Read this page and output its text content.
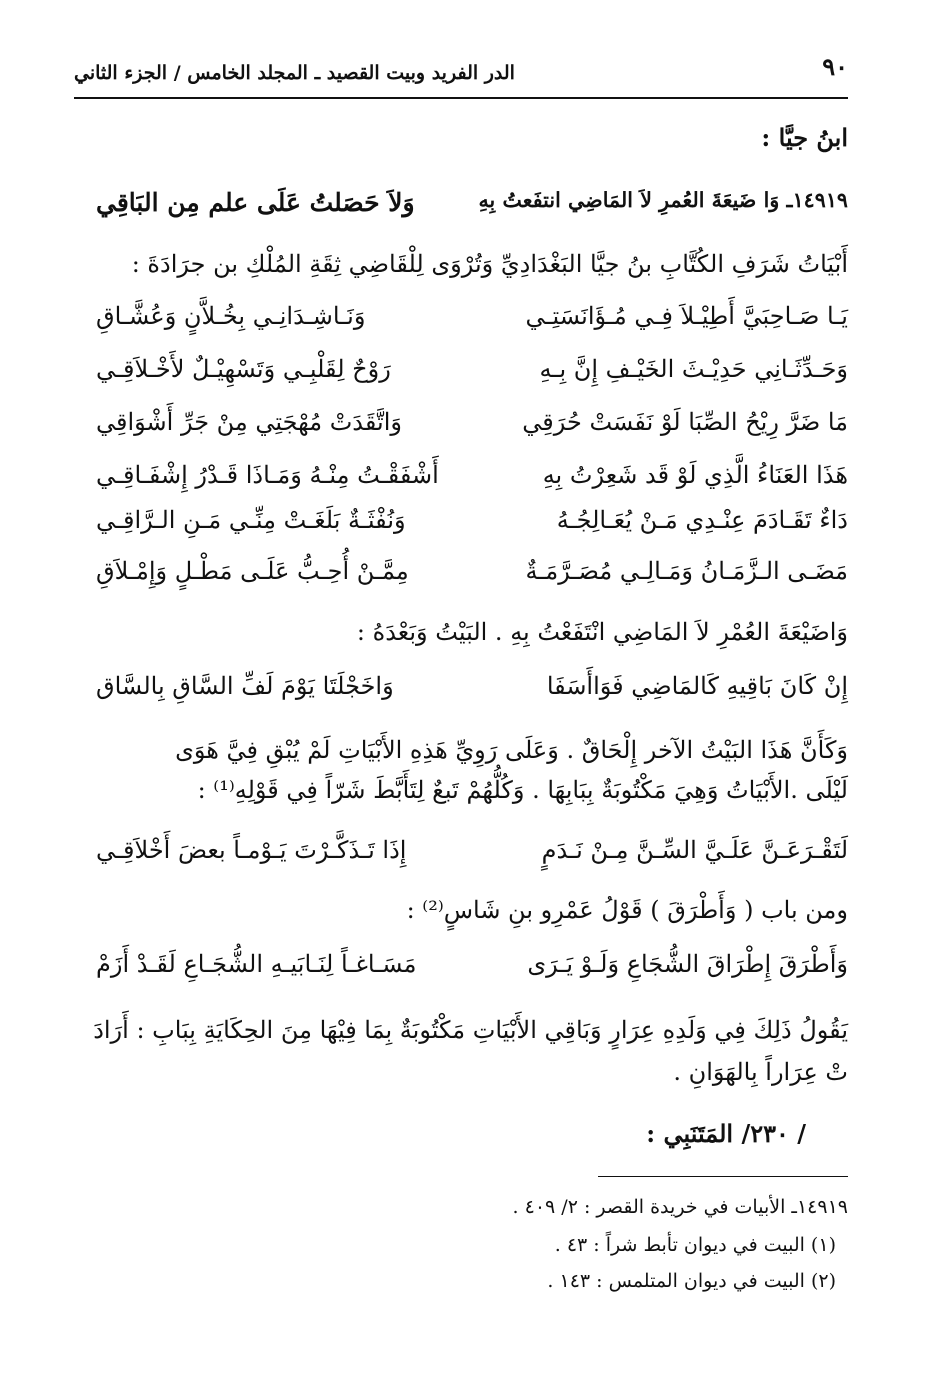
٩٠
الدر الفريد وبيت القصيد ـ المجلد الخامس / الجزء الثاني
ابنُ جيَّا :
١٤٩١٩ـ وَا ضَيعَةَ العُمرِ لاَ المَاضِي انتفَعتُ بِهِ
وَلاَ حَصَلتُ عَلَى علم مِن البَاقِي
أَبْيَاتُ شَرَفِ الكُتَّابِ بنُ جيَّا البَغْدَادِيِّ وَتُرْوَى لِلْقَاضِي ثِقَةِ المُلْكِ بن جرَادَةَ :
يَـا صَـاحِبَيَّ أَطِيْـلاَ فِـي مُـؤَانَسَتِـي
وَنَـاشِـدَانِـي بِخُـلاَّنٍ وَعُشَّـاقِ
وَحَـدِّثَـانِي حَدِيْـثَ الخَيْـفِ إِنَّ بِـهِ
رَوْحٌ لِقَلْبِـي وَتَسْهِيْـلٌ لأَخْـلاَقِـي
مَا ضَرَّ رِيْحُ الصِّبَا لَوْ نَفَسَتْ حُرَقِي
وَاتَّقَدَتْ مُهْجَتِي مِنْ جَرِّ أَشْوَاقِي
هَذَا العَنَاءُ الَّذِي لَوْ قَد شَعِرْتُ بِهِ
أَشْفَقْـتُ مِنْـهُ وَمَـاذَا قَـدْرُ إِشْفَـاقِـي
دَاءٌ تَقَـادَمَ عِنْـدِي مَـنْ يُعَـالِجُـهُ
وَنُفْثَـةٌ بَلَغَـتْ مِنِّـي مَـنِ الـرَّاقِـي
مَضَـى الـزَّمَـانُ وَمَـالِـي مُصَـرَّمَـةٌ
مِمَّـنْ أُحِـبُّ عَلَـى مَطْـلٍ وَإِمْـلاَقِ
وَاضَيْعَةَ العُمْرِ لاَ المَاضِي انْتَفَعْتُ بِهِ . البَيْتُ وَبَعْدَهُ :
إِنْ كَانَ بَاقِيهِ كَالمَاضِي فَوَاأَسَفَا
وَاخَجْلَتَا يَوْمَ لَفِّ السَّاقِ بِالسَّاق
وَكَأَنَّ هَذَا البَيْتُ الآخر إِلْحَاقٌ . وَعَلَى رَوِيِّ هَذِهِ الأَبْيَاتِ لَمْ يُبْقِ فِيَّ هَوَى
لَيْلَى .الأَبْيَاتُ وَهِيَ مَكْتُوبَةٌ بِبَابِهَا . وَكُلُّهُمْ تَبعٌ لِتَأَبَّطَ شَرّاً فِي قَوْلِهِ⁽¹⁾ :
لَتَقْـرَعَـنَّ عَلَـيَّ السِّـنَّ مِـنْ نَـدَمٍ
إِذَا تَـذَكَّـرْتَ يَـوْمـاً بعضَ أَخْلاَقِـي
ومن باب ( وَأَطْرَقَ ) قَوْلُ عَمْرِو بنِ شَاسٍ⁽²⁾ :
وَأَطْرَقَ إِطْرَاقَ الشُّجَاعِ وَلَـوْ يَـرَى
مَسَـاغـاً لِنَـابَيـهِ الشُّجَـاعِ لَقَـدْ أَزَمْ
يَقُولُ ذَلِكَ فِي وَلَدِهِ عِرَارٍ وَبَاقِي الأَبْيَاتِ مَكْتُوبَةٌ بِمَا فِيْهَا مِنَ الحِكَايَةِ بِبَابِ : أَرَادَ
تْ عِرَاراً بِالهَوَانِ .
/ ٢٣٠/ المَتَنَبِي :
١٤٩١٩ـ الأبيات في خريدة القصر : ٢/ ٤٠٩ .
(١) البيت في ديوان تأبط شراً : ٤٣ .
(٢) البيت في ديوان المتلمس : ١٤٣ .
